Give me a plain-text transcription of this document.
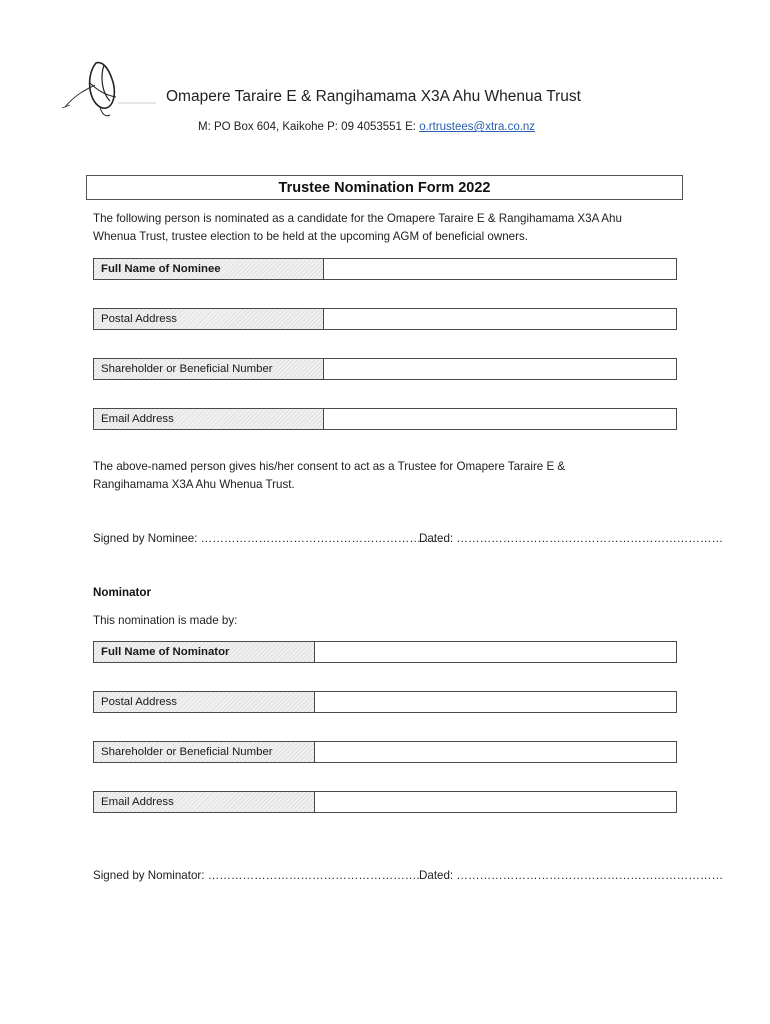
Omapere Taraire E & Rangihamama X3A Ahu Whenua Trust
M: PO Box 604, Kaikohe P: 09 4053551 E: o.rtrustees@xtra.co.nz
Trustee Nomination Form 2022
The following person is nominated as a candidate for the Omapere Taraire E & Rangihamama X3A Ahu
Whenua Trust, trustee election to be held at the upcoming AGM of beneficial owners.
Full Name of Nominee
Postal Address
Shareholder or Beneficial Number
Email Address
The above-named person gives his/her consent to act as a Trustee for Omapere Taraire E &
Rangihamama X3A Ahu Whenua Trust.
Signed by Nominee: ……………………………………………………. .
Dated: ……………………………………………………………
Nominator
This nomination is made by:
Full Name of Nominator
Postal Address
Shareholder or Beneficial Number
Email Address
Signed by Nominator: ………………………………………………. Dated: ……………………………………………………………
